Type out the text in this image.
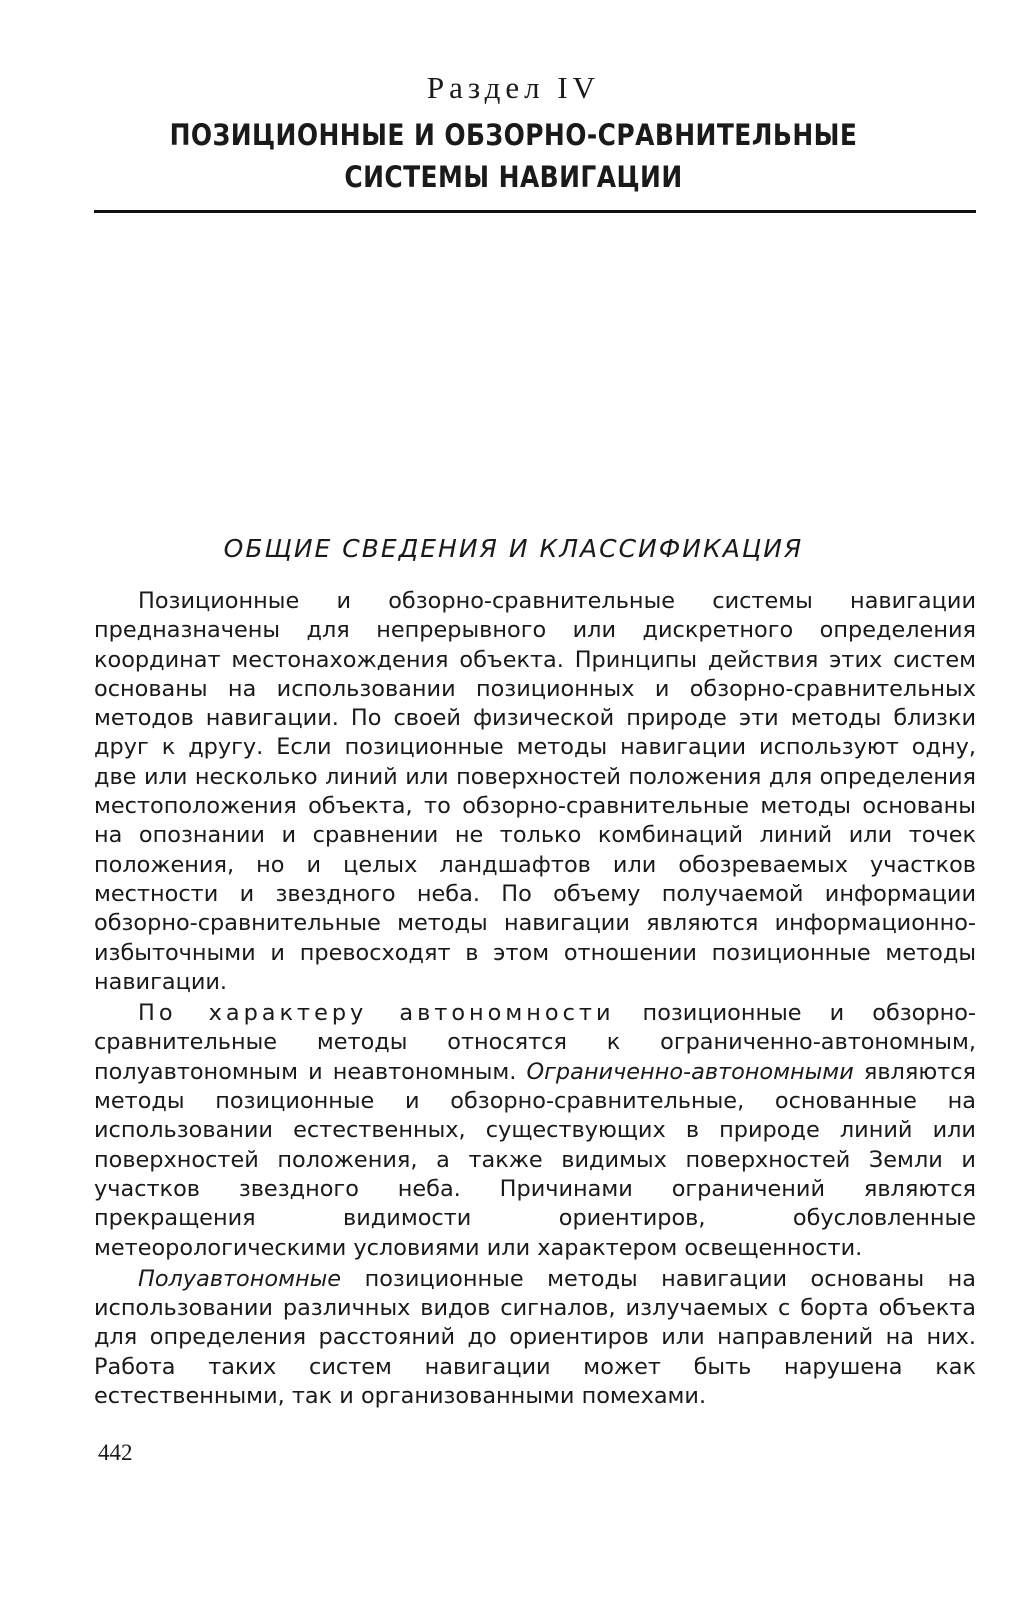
Раздел IV
ПОЗИЦИОННЫЕ И ОБЗОРНО-СРАВНИТЕЛЬНЫЕ
СИСТЕМЫ НАВИГАЦИИ
ОБЩИЕ СВЕДЕНИЯ И КЛАССИФИКАЦИЯ

Позиционные и обзорно-сравнительные системы навигации предназначены для непрерывного или дискретного определения координат местонахождения объекта. Принципы действия этих систем основаны на использовании позиционных и обзорно-сравнительных методов навигации. По своей физической природе эти методы близки друг к другу. Если позиционные методы навигации используют одну, две или несколько линий или поверхностей положения для определения местоположения объекта, то обзорно-сравнительные методы основаны на опознании и сравнении не только комбинаций линий или точек положения, но и целых ландшафтов или обозреваемых участков местности и звездного неба. По объему получаемой информации обзорно-сравнительные методы навигации являются информационно-избыточными и превосходят в этом отношении позиционные методы навигации.

По характеру автономности позиционные и обзорно-сравнительные методы относятся к ограниченно-автономным, полуавтономным и неавтономным. Ограниченно-автономными являются методы позиционные и обзорно-сравнительные, основанные на использовании естественных, существующих в природе линий или поверхностей положения, а также видимых поверхностей Земли и участков звездного неба. Причинами ограничений являются прекращения видимости ориентиров, обусловленные метеорологическими условиями или характером освещенности.

Полуавтономные позиционные методы навигации основаны на использовании различных видов сигналов, излучаемых с борта объекта для определения расстояний до ориентиров или направлений на них. Работа таких систем навигации может быть нарушена как естественными, так и организованными помехами.

442
